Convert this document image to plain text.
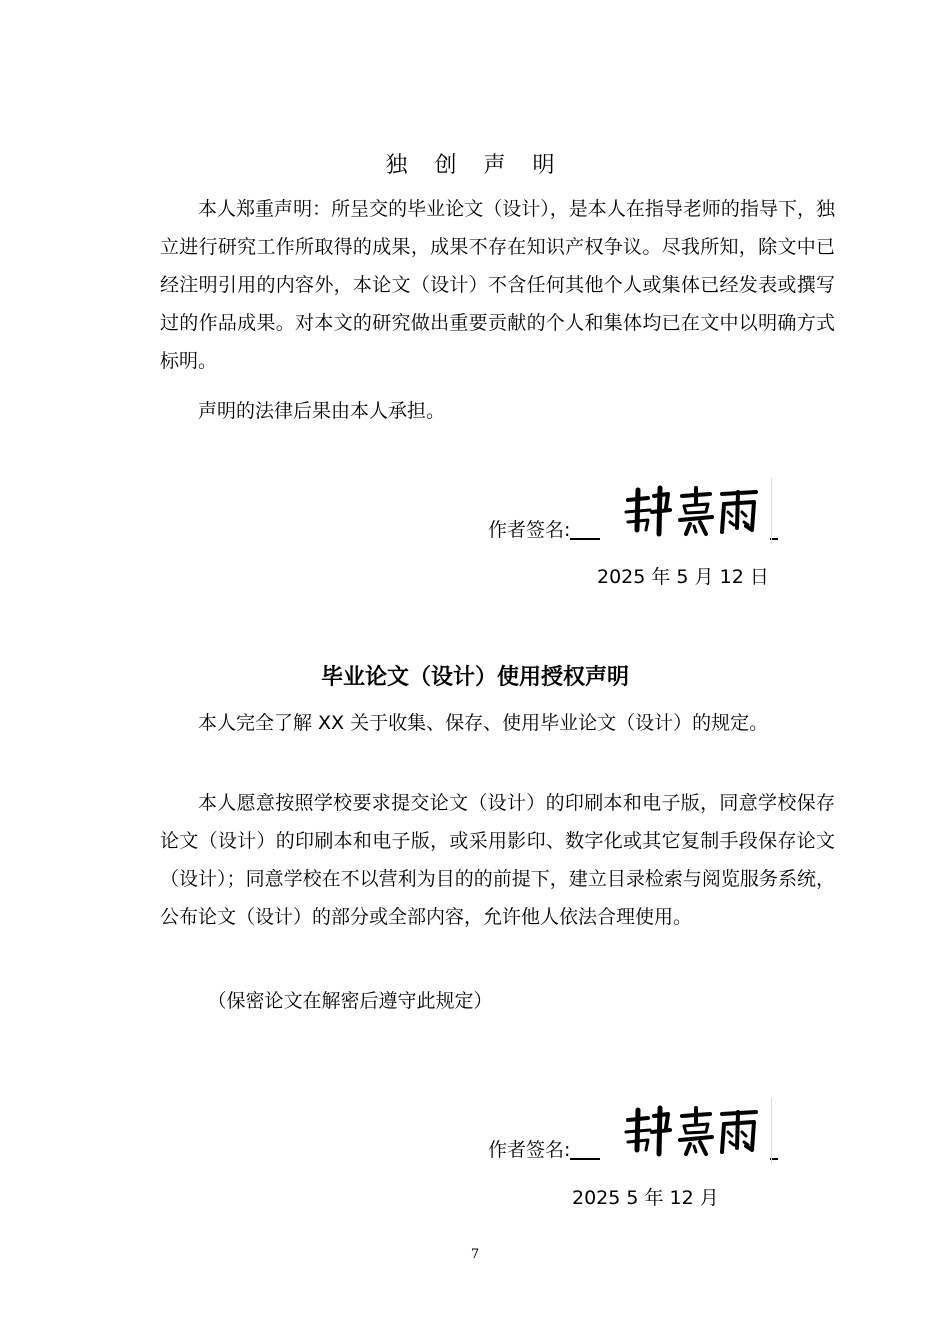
独 创 声 明
本人郑重声明：所呈交的毕业论文（设计），是本人在指导老师的指导下，独立进行研究工作所取得的成果，成果不存在知识产权争议。尽我所知，除文中已经注明引用的内容外，本论文（设计）不含任何其他个人或集体已经发表或撰写过的作品成果。对本文的研究做出重要贡献的个人和集体均已在文中以明确方式标明。
声明的法律后果由本人承担。
作者签名:
2025 年 5 月 12 日
毕业论文（设计）使用授权声明
本人完全了解 XX 关于收集、保存、使用毕业论文（设计）的规定。
本人愿意按照学校要求提交论文（设计）的印刷本和电子版，同意学校保存论文（设计）的印刷本和电子版，或采用影印、数字化或其它复制手段保存论文（设计）；同意学校在不以营利为目的的前提下，建立目录检索与阅览服务系统，公布论文（设计）的部分或全部内容，允许他人依法合理使用。
（保密论文在解密后遵守此规定）
作者签名:
2025 5 年 12 月
7
